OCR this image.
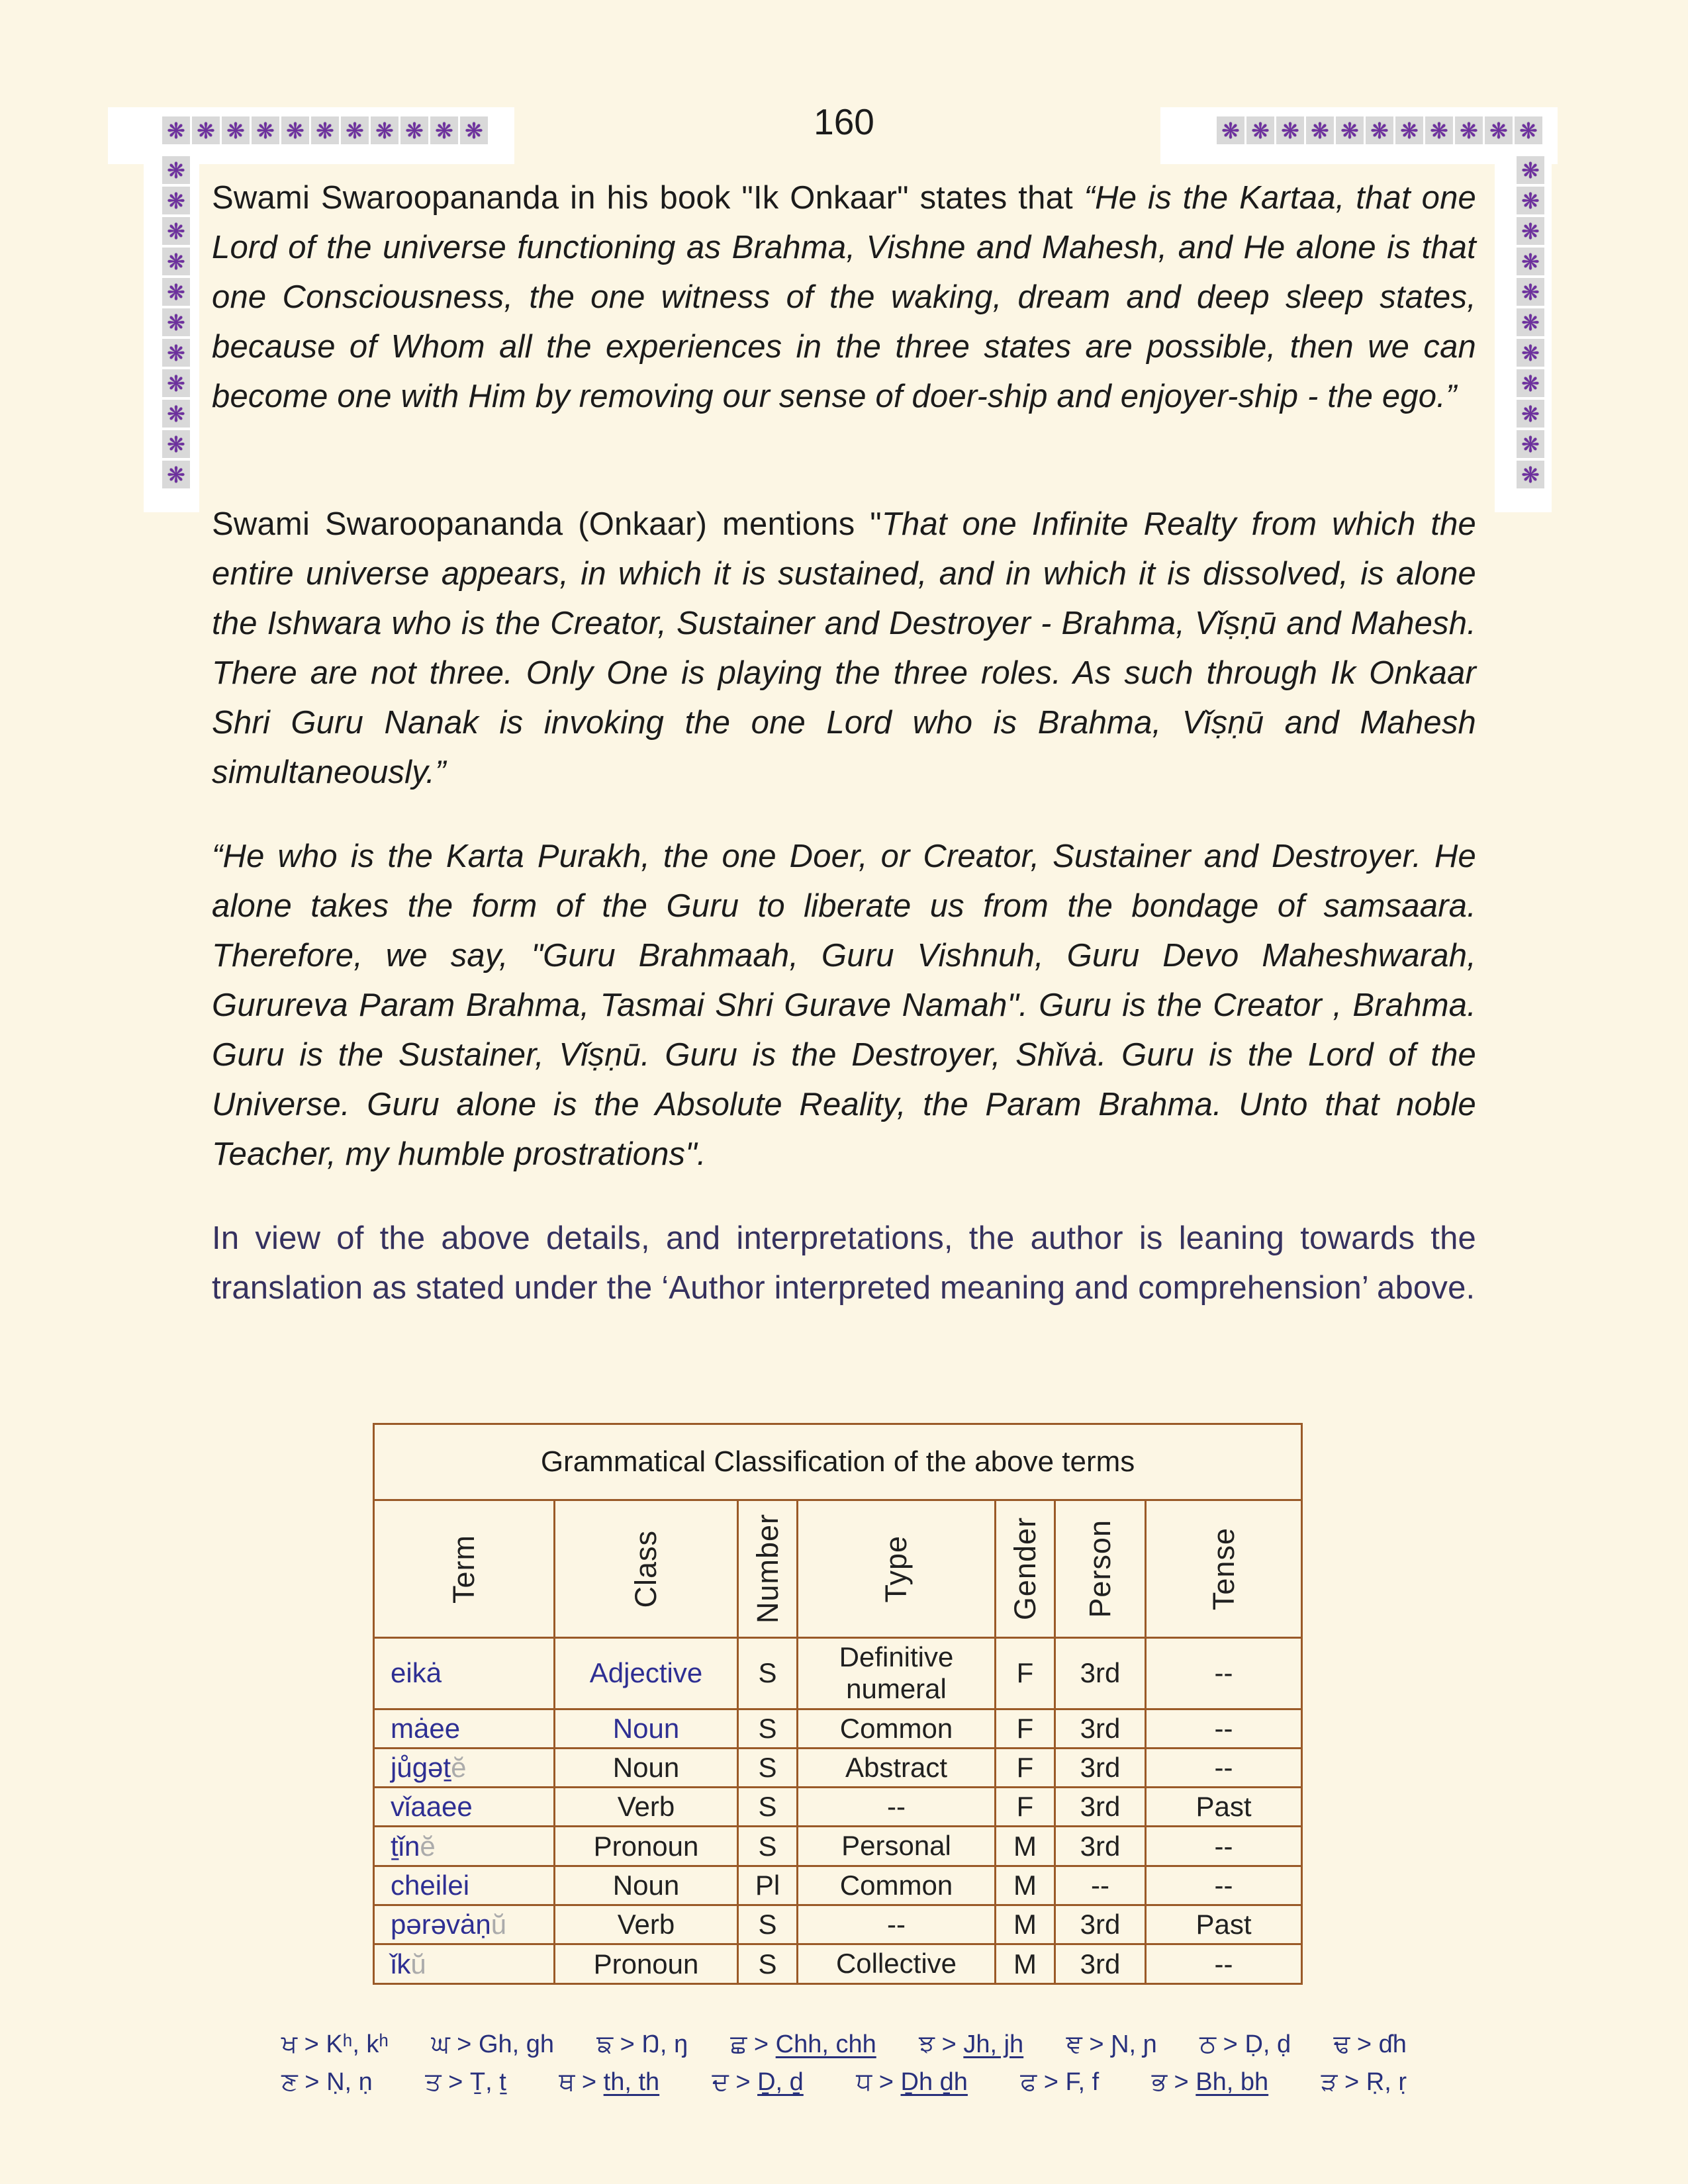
160
❋ ❋ ❋ ❋ ❋ ❋ ❋ ❋ ❋ ❋ ❋	❋ ❋ ❋ ❋ ❋ ❋ ❋ ❋ ❋ ❋ ❋
❋
❋
❋
❋
❋
❋
❋
❋
❋
❋
❋
❋
❋
❋
❋
❋
❋
❋
❋
❋
❋
❋

Swami Swaroopananda in his book "Ik Onkaar" states that “He is the Kartaa, that one Lord of the universe functioning as Brahma, Vishne and Mahesh, and He alone is that one Consciousness, the one witness of the waking, dream and deep sleep states, because of Whom all the experiences in the three states are possible, then we can become one with Him by removing our sense of doer-ship and enjoyer-ship - the ego.”

Swami Swaroopananda (Onkaar) mentions "That one Infinite Realty from which the entire universe appears, in which it is sustained, and in which it is dissolved, is alone the Ishwara who is the Creator, Sustainer and Destroyer - Brahma, Vǐṣṇū and Mahesh. There are not three. Only One is playing the three roles. As such through Ik Onkaar Shri Guru Nanak is invoking the one Lord who is Brahma, Vǐṣṇū and Mahesh simultaneously.”

“He who is the Karta Purakh, the one Doer, or Creator, Sustainer and Destroyer. He alone takes the form of the Guru to liberate us from the bondage of samsaara. Therefore, we say, "Guru Brahmaah, Guru Vishnuh, Guru Devo Maheshwarah, Gurureva Param Brahma, Tasmai Shri Gurave Namah". Guru is the Creator , Brahma. Guru is the Sustainer, Vǐṣṇū. Guru is the Destroyer, Shǐvȧ. Guru is the Lord of the Universe. Guru alone is the Absolute Reality, the Param Brahma. Unto that noble Teacher, my humble prostrations".

In view of the above details, and interpretations, the author is leaning towards the translation as stated under the ‘Author interpreted meaning and comprehension’ above.

Grammatical Classification of the above terms						

Term	Class	Number	Type	Gender	Person	Tense

eikȧ	Adjective	S	Definitive numeral	F	3rd	--
mȧee	Noun	S	Common	F	3rd	--
jůgəṯĕ	Noun	S	Abstract	F	3rd	--
vǐaaee	Verb	S	--	F	3rd	Past
ṯǐnĕ	Pronoun	S	Personal	M	3rd	--
cheilei	Noun	Pl	Common	M	--	--
pərəvȧṇŭ	Verb	S	--	M	3rd	Past
ǐkŭ	Pronoun	S	Collective	M	3rd	--
ਖ > Kʰ, kʰ ਘ > Gh, gh ਙ > Ŋ, ŋ ਛ > Chh, chh ਝ > Jh, jh ਞ > Ɲ, ɲ ਠ > Ḍ, ḍ ਢ > ɗh
ਣ > Ṇ, ṇ ਤ > Ṯ, ṯ ਥ > th, th ਦ > Ḏ, ḏ ਧ > Ḏh ḏh ਫ > F, f ਭ > Bh, bh ੜ > Ṛ, ṛ
